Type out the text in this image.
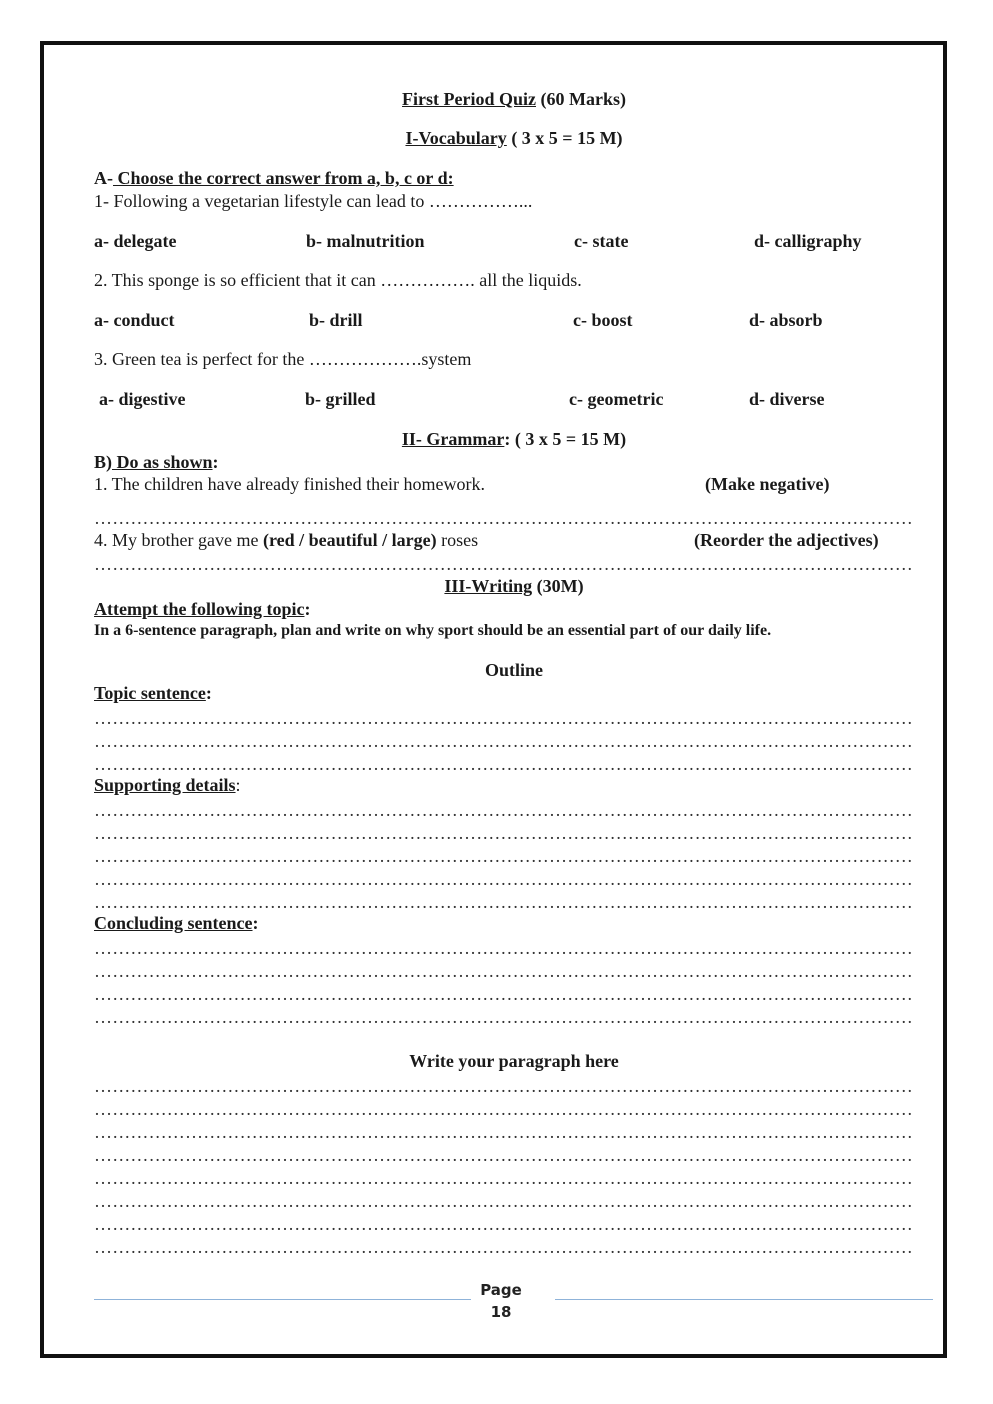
First Period Quiz (60 Marks)
I-Vocabulary ( 3 x 5 = 15 M)
A- Choose the correct answer from a, b, c or d:
1- Following a vegetarian lifestyle can lead to ……………...
a- delegate	b- malnutrition	c- state	d- calligraphy
2. This sponge is so efficient that it can ……………. all the liquids.
a- conduct	b- drill	c- boost	d- absorb
3. Green tea is perfect for the ……………….system
a- digestive	b- grilled	c- geometric	d- diverse
II- Grammar: ( 3 x 5 = 15 M)
B) Do as shown:
1. The children have already finished their homework.	(Make negative)
…………………………………………………………………………………………………………………………………………………………
4. My brother gave me (red / beautiful / large) roses	(Reorder the adjectives)
…………………………………………………………………………………………………………………………………………………………
III-Writing (30M)
Attempt the following topic:
In a 6-sentence paragraph, plan and write on why sport should be an essential part of our daily life.
Outline
Topic sentence:
…………………………………………………………………………………………………………………………………………………………
…………………………………………………………………………………………………………………………………………………………
…………………………………………………………………………………………………………………………………………………………
Supporting details:
…………………………………………………………………………………………………………………………………………………………
…………………………………………………………………………………………………………………………………………………………
…………………………………………………………………………………………………………………………………………………………
…………………………………………………………………………………………………………………………………………………………
…………………………………………………………………………………………………………………………………………………………
Concluding sentence:
…………………………………………………………………………………………………………………………………………………………
…………………………………………………………………………………………………………………………………………………………
…………………………………………………………………………………………………………………………………………………………
…………………………………………………………………………………………………………………………………………………………
Write your paragraph here
…………………………………………………………………………………………………………………………………………………………
…………………………………………………………………………………………………………………………………………………………
…………………………………………………………………………………………………………………………………………………………
…………………………………………………………………………………………………………………………………………………………
…………………………………………………………………………………………………………………………………………………………
…………………………………………………………………………………………………………………………………………………………
…………………………………………………………………………………………………………………………………………………………
…………………………………………………………………………………………………………………………………………………………
Page
18
